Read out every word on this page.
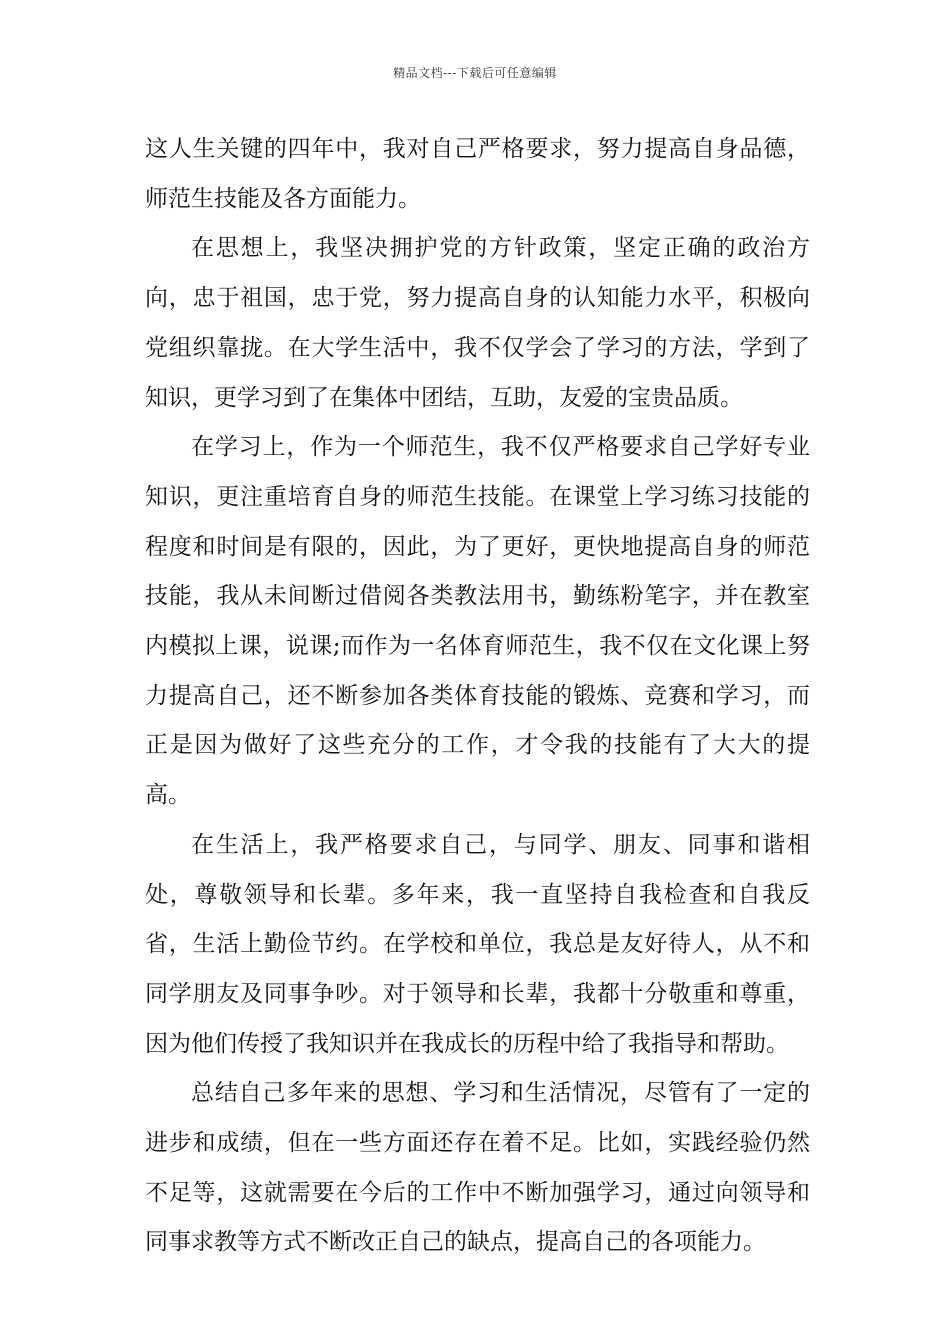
精品文档---下载后可任意编辑

这人生关键的四年中，我对自己严格要求，努力提高自身品德，师范生技能及各方面能力。

在思想上，我坚决拥护党的方针政策，坚定正确的政治方向，忠于祖国，忠于党，努力提高自身的认知能力水平，积极向党组织靠拢。在大学生活中，我不仅学会了学习的方法，学到了知识，更学习到了在集体中团结，互助，友爱的宝贵品质。

在学习上，作为一个师范生，我不仅严格要求自己学好专业知识，更注重培育自身的师范生技能。在课堂上学习练习技能的程度和时间是有限的，因此，为了更好，更快地提高自身的师范技能，我从未间断过借阅各类教法用书，勤练粉笔字，并在教室内模拟上课，说课;而作为一名体育师范生，我不仅在文化课上努力提高自己，还不断参加各类体育技能的锻炼、竞赛和学习，而正是因为做好了这些充分的工作，才令我的技能有了大大的提高。

在生活上，我严格要求自己，与同学、朋友、同事和谐相处，尊敬领导和长辈。多年来，我一直坚持自我检查和自我反省，生活上勤俭节约。在学校和单位，我总是友好待人，从不和同学朋友及同事争吵。对于领导和长辈，我都十分敬重和尊重，因为他们传授了我知识并在我成长的历程中给了我指导和帮助。

总结自己多年来的思想、学习和生活情况，尽管有了一定的进步和成绩，但在一些方面还存在着不足。比如，实践经验仍然不足等，这就需要在今后的工作中不断加强学习，通过向领导和同事求教等方式不断改正自己的缺点，提高自己的各项能力。
